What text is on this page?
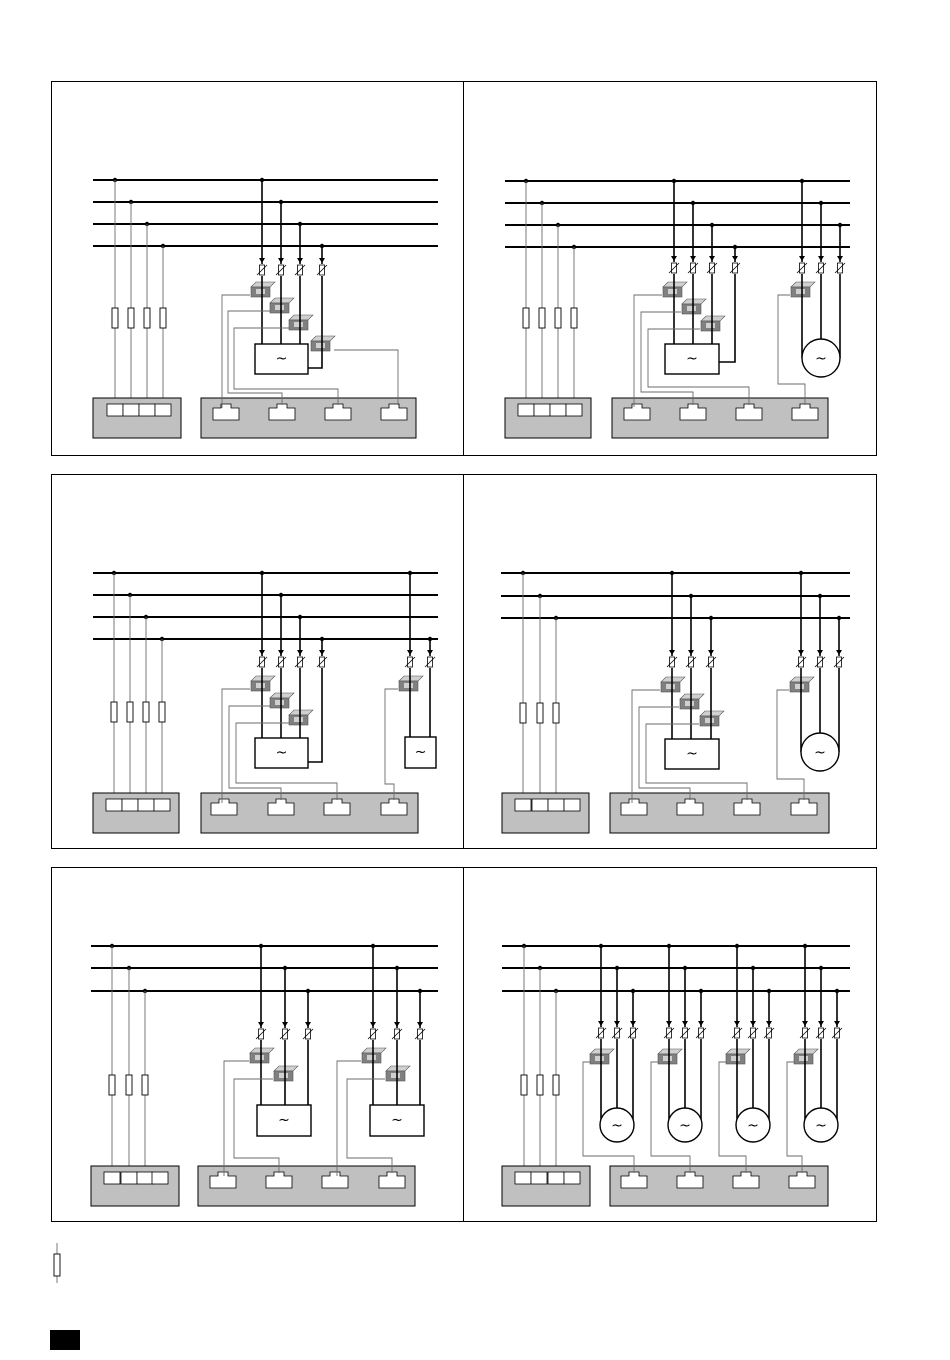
~	~	~
~	~	~	~
~	~	~	~	~	~
